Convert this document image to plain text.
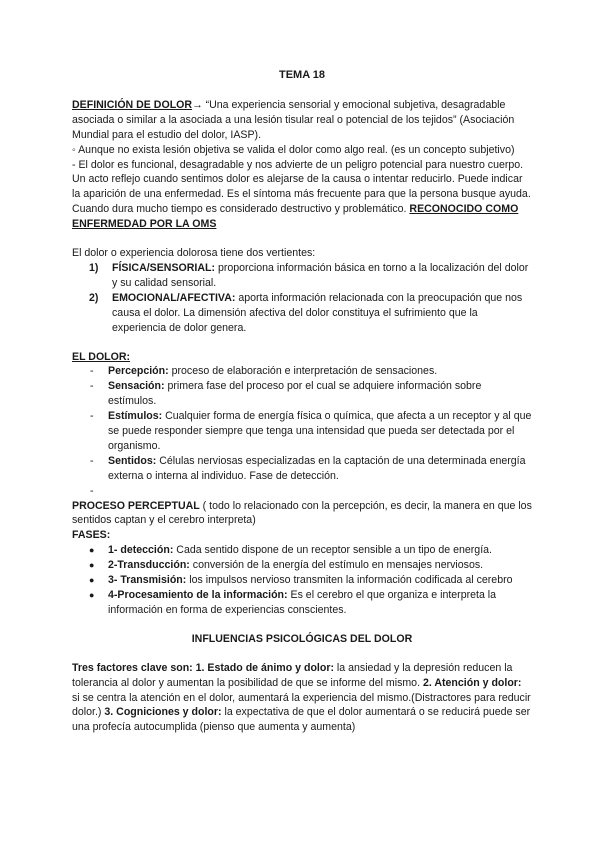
TEMA 18

DEFINICIÓN DE DOLOR→ “Una experiencia sensorial y emocional subjetiva, desagradable asociada o similar a la asociada a una lesión tisular real o potencial de los tejidos” (Asociación Mundial para el estudio del dolor, IASP).

◦ Aunque no exista lesión objetiva se valida el dolor como algo real. (es un concepto subjetivo)

- El dolor es funcional, desagradable y nos advierte de un peligro potencial para nuestro cuerpo. Un acto reflejo cuando sentimos dolor es alejarse de la causa o intentar reducirlo. Puede indicar la aparición de una enfermedad. Es el síntoma más frecuente para que la persona busque ayuda. Cuando dura mucho tiempo es considerado destructivo y problemático. RECONOCIDO COMO ENFERMEDAD POR LA OMS

El dolor o experiencia dolorosa tiene dos vertientes:

1) FÍSICA/SENSORIAL: proporciona información básica en torno a la localización del dolor y su calidad sensorial.
2) EMOCIONAL/AFECTIVA: aporta información relacionada con la preocupación que nos causa el dolor. La dimensión afectiva del dolor constituya el sufrimiento que la experiencia de dolor genera.

EL DOLOR:

- Percepción: proceso de elaboración e interpretación de sensaciones.
- Sensación: primera fase del proceso por el cual se adquiere información sobre estímulos.
- Estímulos: Cualquier forma de energía física o química, que afecta a un receptor y al que se puede responder siempre que tenga una intensidad que pueda ser detectada por el organismo.
- Sentidos: Células nerviosas especializadas en la captación de una determinada energía externa o interna al individuo. Fase de detección.
-

PROCESO PERCEPTUAL ( todo lo relacionado con la percepción, es decir, la manera en que los sentidos captan y el cerebro interpreta)

FASES:

● 1- detección: Cada sentido dispone de un receptor sensible a un tipo de energía.
● 2-Transducción: conversión de la energía del estímulo en mensajes nerviosos.
● 3- Transmisión: los impulsos nervioso transmiten la información codificada al cerebro
● 4-Procesamiento de la información: Es el cerebro el que organiza e interpreta la información en forma de experiencias conscientes.

INFLUENCIAS PSICOLÓGICAS DEL DOLOR

Tres factores clave son: 1. Estado de ánimo y dolor: la ansiedad y la depresión reducen la tolerancia al dolor y aumentan la posibilidad de que se informe del mismo. 2. Atención y dolor: si se centra la atención en el dolor, aumentará la experiencia del mismo.(Distractores para reducir dolor.) 3. Cogniciones y dolor: la expectativa de que el dolor aumentará o se reducirá puede ser una profecía autocumplida (pienso que aumenta y aumenta)
